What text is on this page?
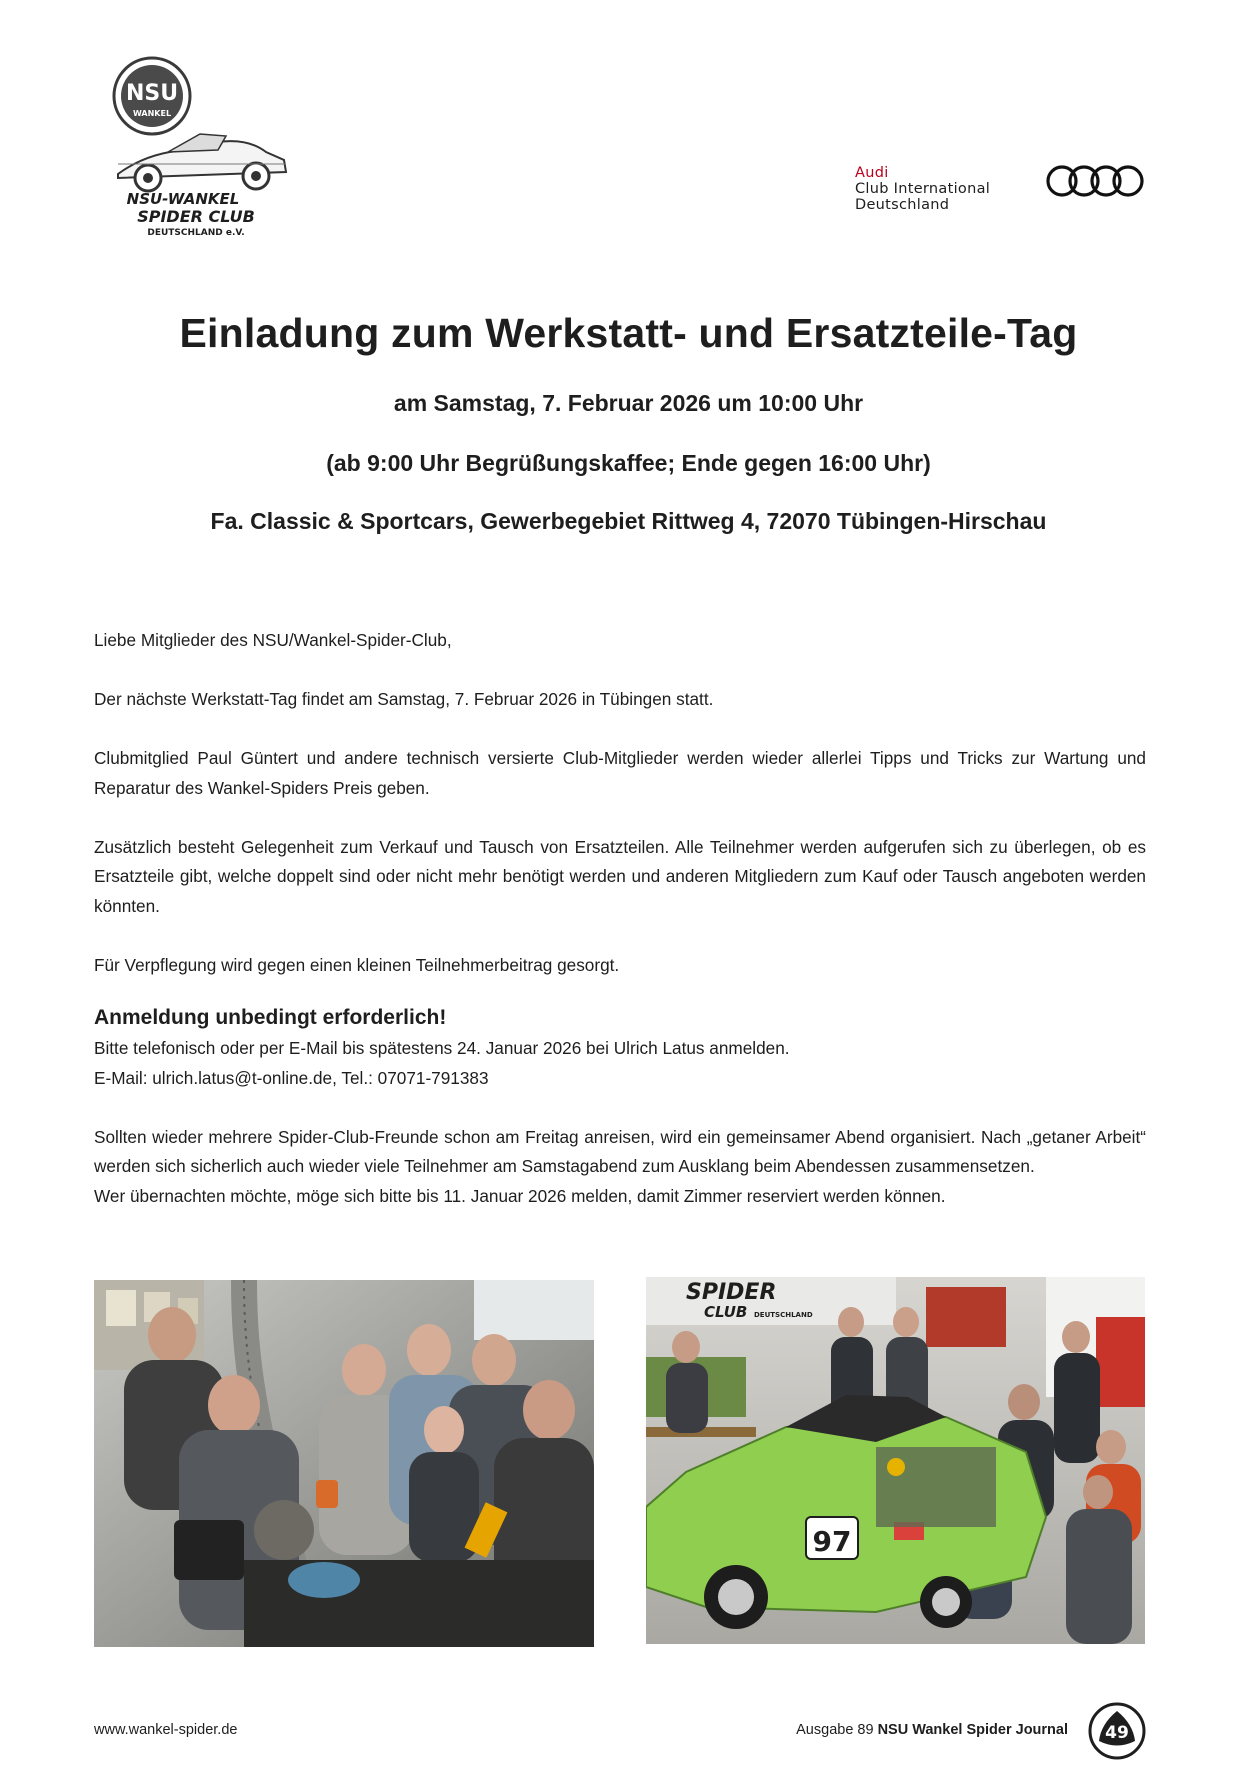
NSU
WANKEL
NSU-WANKEL
SPIDER CLUB
DEUTSCHLAND e.V.
Audi
Club International
Deutschland
Einladung zum Werkstatt- und Ersatzteile-Tag
am Samstag, 7. Februar 2026 um 10:00 Uhr
(ab 9:00 Uhr Begrüßungskaffee; Ende gegen 16:00 Uhr)
Fa. Classic & Sportcars, Gewerbegebiet Rittweg 4, 72070 Tübingen-Hirschau

Liebe Mitglieder des NSU/Wankel-Spider-Club,

Der nächste Werkstatt-Tag findet am Samstag, 7. Februar 2026 in Tübingen statt.

Clubmitglied Paul Güntert und andere technisch versierte Club-Mitglieder werden wieder allerlei Tipps und Tricks zur Wartung und Reparatur des Wankel-Spiders Preis geben.

Zusätzlich besteht Gelegenheit zum Verkauf und Tausch von Ersatzteilen. Alle Teilnehmer werden aufgerufen sich zu überlegen, ob es Ersatzteile gibt, welche doppelt sind oder nicht mehr benötigt werden und anderen Mitgliedern zum Kauf oder Tausch angeboten werden könnten.

Für Verpflegung wird gegen einen kleinen Teilnehmerbeitrag gesorgt.

Anmeldung unbedingt erforderlich!

Bitte telefonisch oder per E-Mail bis spätestens 24. Januar 2026 bei Ulrich Latus anmelden.

E-Mail: ulrich.latus@t-online.de, Tel.: 07071-791383

Sollten wieder mehrere Spider-Club-Freunde schon am Freitag anreisen, wird ein gemeinsamer Abend organisiert. Nach „getaner Arbeit“ werden sich sicherlich auch wieder viele Teilnehmer am Samstagabend zum Ausklang beim Abendessen zusammensetzen.

Wer übernachten möchte, möge sich bitte bis 11. Januar 2026 melden, damit Zimmer reserviert werden können.

SPIDER
CLUB DEUTSCHLAND
97
www.wankel-spider.de	Ausgabe 89 NSU Wankel Spider Journal 49
